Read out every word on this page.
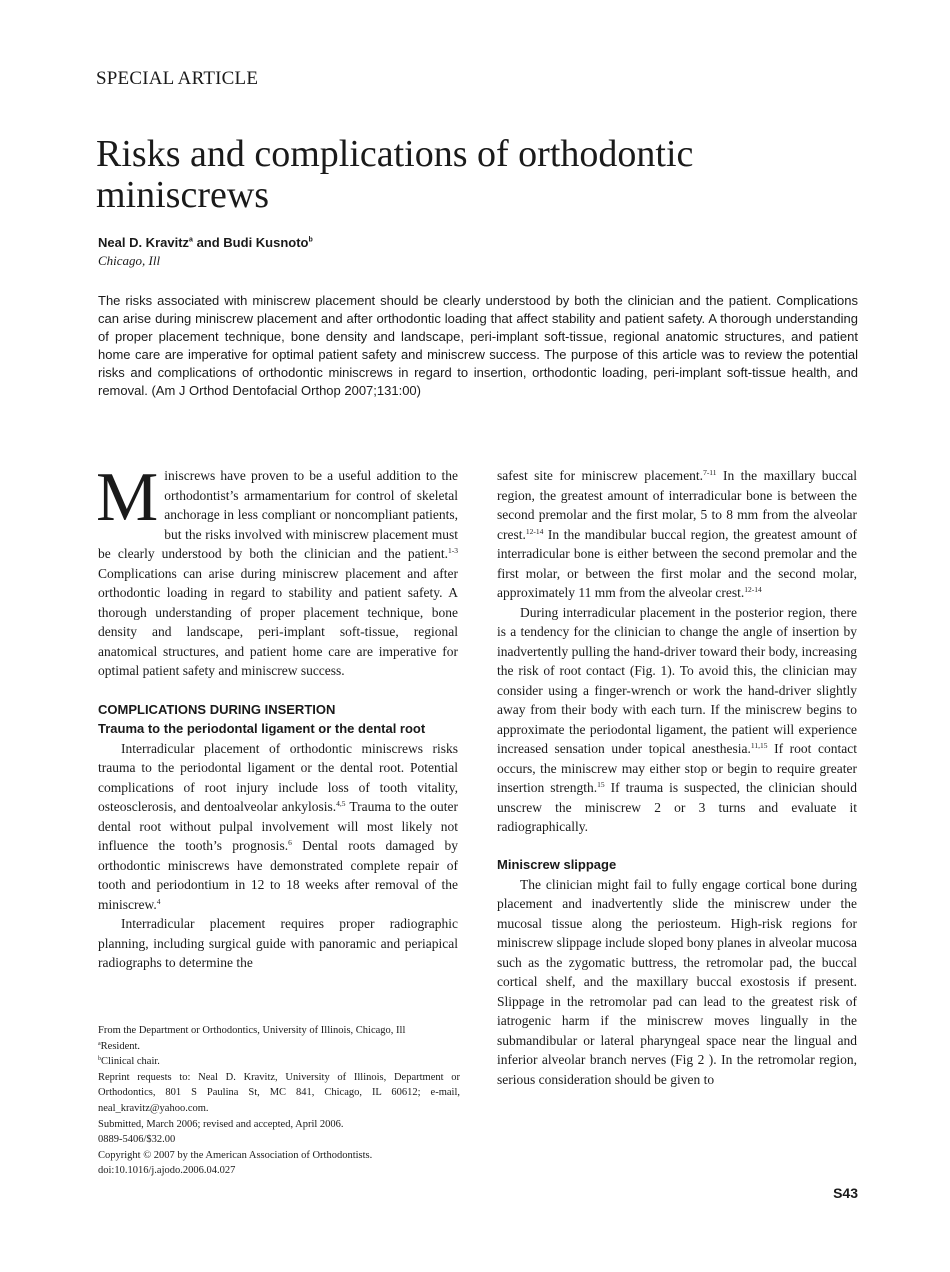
SPECIAL ARTICLE
Risks and complications of orthodontic miniscrews
Neal D. Kravitz$^a$ and Budi Kusnoto$^b$
Chicago, Ill

The risks associated with miniscrew placement should be clearly understood by both the clinician and the patient. Complications can arise during miniscrew placement and after orthodontic loading that affect stability and patient safety. A thorough understanding of proper placement technique, bone density and landscape, peri-implant soft-tissue, regional anatomic structures, and patient home care are imperative for optimal patient safety and miniscrew success. The purpose of this article was to review the potential risks and complications of orthodontic miniscrews in regard to insertion, orthodontic loading, peri-implant soft-tissue health, and removal. (Am J Orthod Dentofacial Orthop 2007;131:00)

Miniscrews have proven to be a useful addition to the orthodontist’s armamentarium for control of skeletal anchorage in less compliant or noncompliant patients, but the risks involved with miniscrew placement must be clearly understood by both the clinician and the patient.$^{1-3}$ Complications can arise during miniscrew placement and after orthodontic loading in regard to stability and patient safety. A thorough understanding of proper placement technique, bone density and landscape, peri-implant soft-tissue, regional anatomical structures, and patient home care are imperative for optimal patient safety and miniscrew success.

COMPLICATIONS DURING INSERTION
Trauma to the periodontal ligament or the dental root

Interradicular placement of orthodontic miniscrews risks trauma to the periodontal ligament or the dental root. Potential complications of root injury include loss of tooth vitality, osteosclerosis, and dentoalveolar ankylosis.$^{4,5}$ Trauma to the outer dental root without pulpal involvement will most likely not influence the tooth’s prognosis.$^6$ Dental roots damaged by orthodontic miniscrews have demonstrated complete repair of tooth and periodontium in 12 to 18 weeks after removal of the miniscrew.$^4$

Interradicular placement requires proper radiographic planning, including surgical guide with panoramic and periapical radiographs to determine the

safest site for miniscrew placement.$^{7-11}$ In the maxillary buccal region, the greatest amount of interradicular bone is between the second premolar and the first molar, 5 to 8 mm from the alveolar crest.$^{12-14}$ In the mandibular buccal region, the greatest amount of interradicular bone is either between the second premolar and the first molar, or between the first molar and the second molar, approximately 11 mm from the alveolar crest.$^{12-14}$

During interradicular placement in the posterior region, there is a tendency for the clinician to change the angle of insertion by inadvertently pulling the hand-driver toward their body, increasing the risk of root contact (Fig. 1). To avoid this, the clinician may consider using a finger-wrench or work the hand-driver slightly away from their body with each turn. If the miniscrew begins to approximate the periodontal ligament, the patient will experience increased sensation under topical anesthesia.$^{11,15}$ If root contact occurs, the miniscrew may either stop or begin to require greater insertion strength.$^{15}$ If trauma is suspected, the clinician should unscrew the miniscrew 2 or 3 turns and evaluate it radiographically.

Miniscrew slippage

The clinician might fail to fully engage cortical bone during placement and inadvertently slide the miniscrew under the mucosal tissue along the periosteum. High-risk regions for miniscrew slippage include sloped bony planes in alveolar mucosa such as the zygomatic buttress, the retromolar pad, the buccal cortical shelf, and the maxillary buccal exostosis if present. Slippage in the retromolar pad can lead to the greatest risk of iatrogenic harm if the miniscrew moves lingually in the submandibular or lateral pharyngeal space near the lingual and inferior alveolar branch nerves (Fig 2 ). In the retromolar region, serious consideration should be given to

From the Department or Orthodontics, University of Illinois, Chicago, Ill
$^a$Resident.
$^b$Clinical chair.
Reprint requests to: Neal D. Kravitz, University of Illinois, Department or Orthodontics, 801 S Paulina St, MC 841, Chicago, IL 60612; e-mail, neal_kravitz@yahoo.com.
Submitted, March 2006; revised and accepted, April 2006.
0889-5406/$32.00
Copyright © 2007 by the American Association of Orthodontists.
doi:10.1016/j.ajodo.2006.04.027
S43
